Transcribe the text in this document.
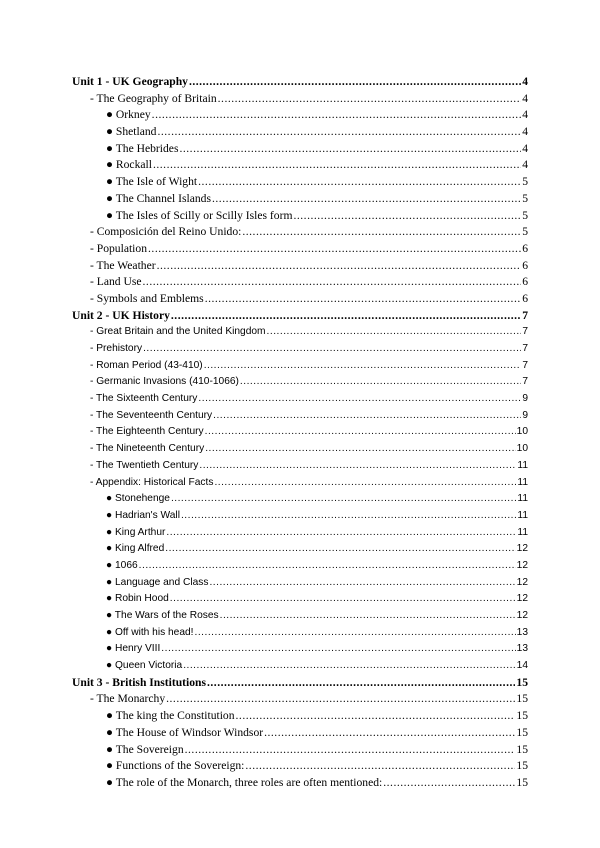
Unit 1 - UK Geography .....	4
- The Geography of Britain .....	4
● Orkney .....	4
● Shetland .....	4
● The Hebrides .....	4
● Rockall .....	4
● The Isle of Wight .....	5
● The Channel Islands .....	5
● The Isles of Scilly or Scilly Isles form .....	5
- Composición del Reino Unido: .....	5
- Population .....	6
- The Weather .....	6
- Land Use .....	6
- Symbols and Emblems .....	6
Unit 2 - UK History .....	7
- Great Britain and the United Kingdom .....	7
- Prehistory .....	7
- Roman Period (43-410) .....	7
- Germanic Invasions (410-1066) .....	7
- The Sixteenth Century .....	9
- The Seventeenth Century .....	9
- The Eighteenth Century .....	10
- The Nineteenth Century .....	10
- The Twentieth Century .....	11
- Appendix: Historical Facts .....	11
● Stonehenge .....	11
● Hadrian's Wall .....	11
● King Arthur .....	11
● King Alfred .....	12
● 1066 .....	12
● Language and Class .....	12
● Robin Hood .....	12
● The Wars of the Roses .....	12
● Off with his head! .....	13
● Henry VIII .....	13
● Queen Victoria .....	14
Unit 3 - British Institutions .....	15
- The Monarchy .....	15
● The king the Constitution .....	15
● The House of Windsor Windsor .....	15
● The Sovereign .....	15
● Functions of the Sovereign: .....	15
● The role of the Monarch, three roles are often mentioned: .....	15
